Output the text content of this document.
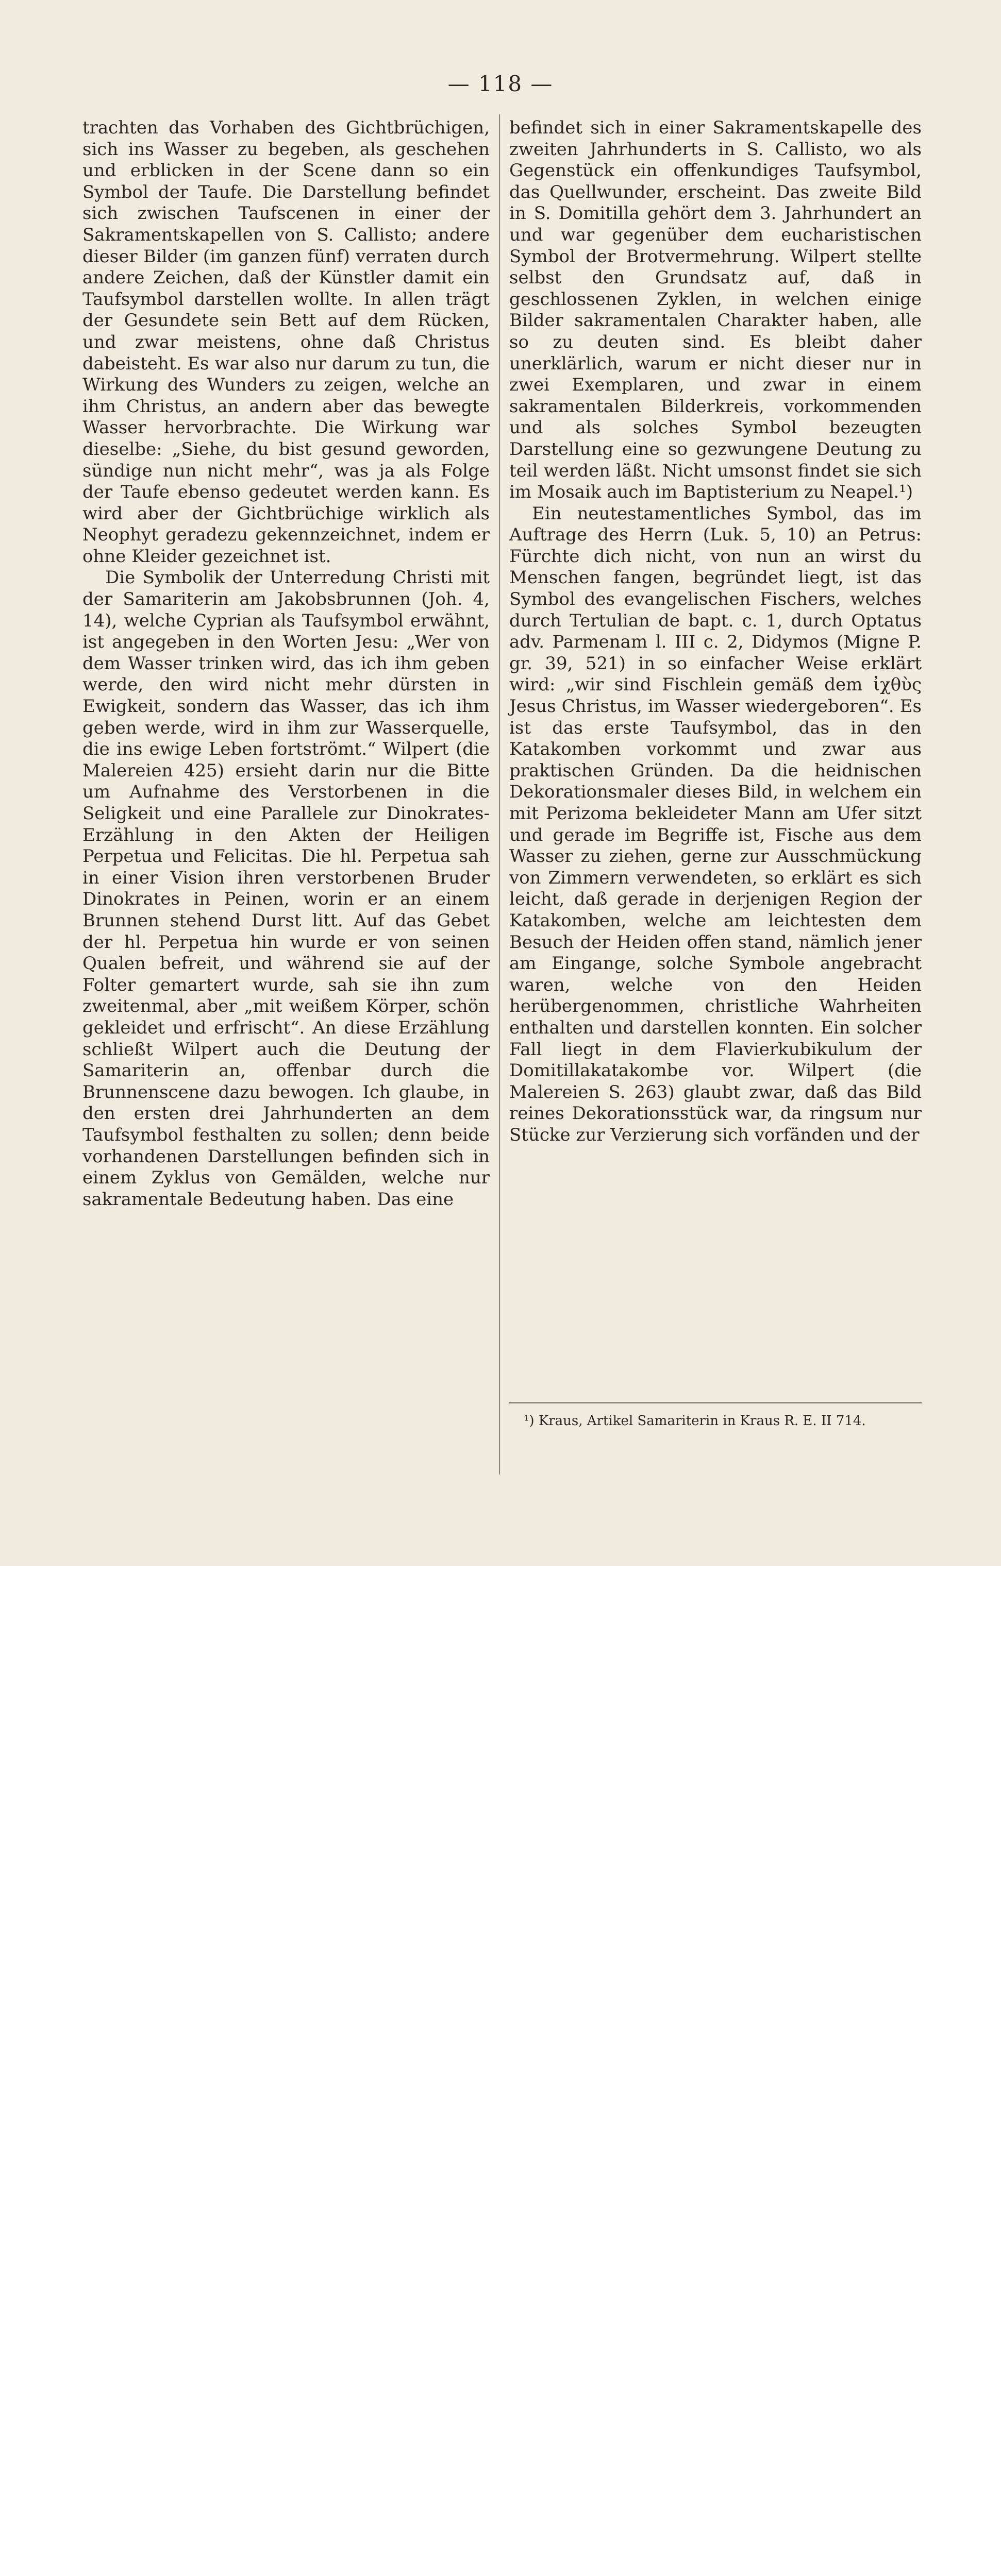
— 118 —

trachten das Vorhaben des Gichtbrüchigen, sich ins Wasser zu begeben, als geschehen und erblicken in der Scene dann so ein Symbol der Taufe. Die Darstellung befindet sich zwischen Taufscenen in einer der Sakramentskapellen von S. Callisto; andere dieser Bilder (im ganzen fünf) verraten durch andere Zeichen, daß der Künstler damit ein Taufsymbol darstellen wollte. In allen trägt der Gesundete sein Bett auf dem Rücken, und zwar meistens, ohne daß Christus dabeisteht. Es war also nur darum zu tun, die Wirkung des Wunders zu zeigen, welche an ihm Christus, an andern aber das bewegte Wasser hervorbrachte. Die Wirkung war dieselbe: „Siehe, du bist gesund geworden, sündige nun nicht mehr“, was ja als Folge der Taufe ebenso gedeutet werden kann. Es wird aber der Gichtbrüchige wirklich als Neophyt geradezu gekennzeichnet, indem er ohne Kleider gezeichnet ist.

Die Symbolik der Unterredung Christi mit der Samariterin am Jakobsbrunnen (Joh. 4, 14), welche Cyprian als Taufsymbol erwähnt, ist angegeben in den Worten Jesu: „Wer von dem Wasser trinken wird, das ich ihm geben werde, den wird nicht mehr dürsten in Ewigkeit, sondern das Wasser, das ich ihm geben werde, wird in ihm zur Wasserquelle, die ins ewige Leben fortströmt.“ Wilpert (die Malereien 425) ersieht darin nur die Bitte um Aufnahme des Verstorbenen in die Seligkeit und eine Parallele zur Dinokrates-Erzählung in den Akten der Heiligen Perpetua und Felicitas. Die hl. Perpetua sah in einer Vision ihren verstorbenen Bruder Dinokrates in Peinen, worin er an einem Brunnen stehend Durst litt. Auf das Gebet der hl. Perpetua hin wurde er von seinen Qualen befreit, und während sie auf der Folter gemartert wurde, sah sie ihn zum zweitenmal, aber „mit weißem Körper, schön gekleidet und erfrischt“. An diese Erzählung schließt Wilpert auch die Deutung der Samariterin an, offenbar durch die Brunnenscene dazu bewogen. Ich glaube, in den ersten drei Jahrhunderten an dem Taufsymbol festhalten zu sollen; denn beide vorhandenen Darstellungen befinden sich in einem Zyklus von Gemälden, welche nur sakramentale Bedeutung haben. Das eine

befindet sich in einer Sakramentskapelle des zweiten Jahrhunderts in S. Callisto, wo als Gegenstück ein offenkundiges Taufsymbol, das Quellwunder, erscheint. Das zweite Bild in S. Domitilla gehört dem 3. Jahrhundert an und war gegenüber dem eucharistischen Symbol der Brotvermehrung. Wilpert stellte selbst den Grundsatz auf, daß in geschlossenen Zyklen, in welchen einige Bilder sakramentalen Charakter haben, alle so zu deuten sind. Es bleibt daher unerklärlich, warum er nicht dieser nur in zwei Exemplaren, und zwar in einem sakramentalen Bilderkreis, vorkommenden und als solches Symbol bezeugten Darstellung eine so gezwungene Deutung zu teil werden läßt. Nicht umsonst findet sie sich im Mosaik auch im Baptisterium zu Neapel.¹)

Ein neutestamentliches Symbol, das im Auftrage des Herrn (Luk. 5, 10) an Petrus: Fürchte dich nicht, von nun an wirst du Menschen fangen, begründet liegt, ist das Symbol des evangelischen Fischers, welches durch Tertulian de bapt. c. 1, durch Optatus adv. Parmenam l. III c. 2, Didymos (Migne P. gr. 39, 521) in so einfacher Weise erklärt wird: „wir sind Fischlein gemäß dem ἰχθὺς Jesus Christus, im Wasser wiedergeboren“. Es ist das erste Taufsymbol, das in den Katakomben vorkommt und zwar aus praktischen Gründen. Da die heidnischen Dekorationsmaler dieses Bild, in welchem ein mit Perizoma bekleideter Mann am Ufer sitzt und gerade im Begriffe ist, Fische aus dem Wasser zu ziehen, gerne zur Ausschmückung von Zimmern verwendeten, so erklärt es sich leicht, daß gerade in derjenigen Region der Katakomben, welche am leichtesten dem Besuch der Heiden offen stand, nämlich jener am Eingange, solche Symbole angebracht waren, welche von den Heiden herübergenommen, christliche Wahrheiten enthalten und darstellen konnten. Ein solcher Fall liegt in dem Flavierkubikulum der Domitillakatakombe vor. Wilpert (die Malereien S. 263) glaubt zwar, daß das Bild reines Dekorationsstück war, da ringsum nur Stücke zur Verzierung sich vorfänden und der

¹) Kraus, Artikel Samariterin in Kraus R. E. II 714.
